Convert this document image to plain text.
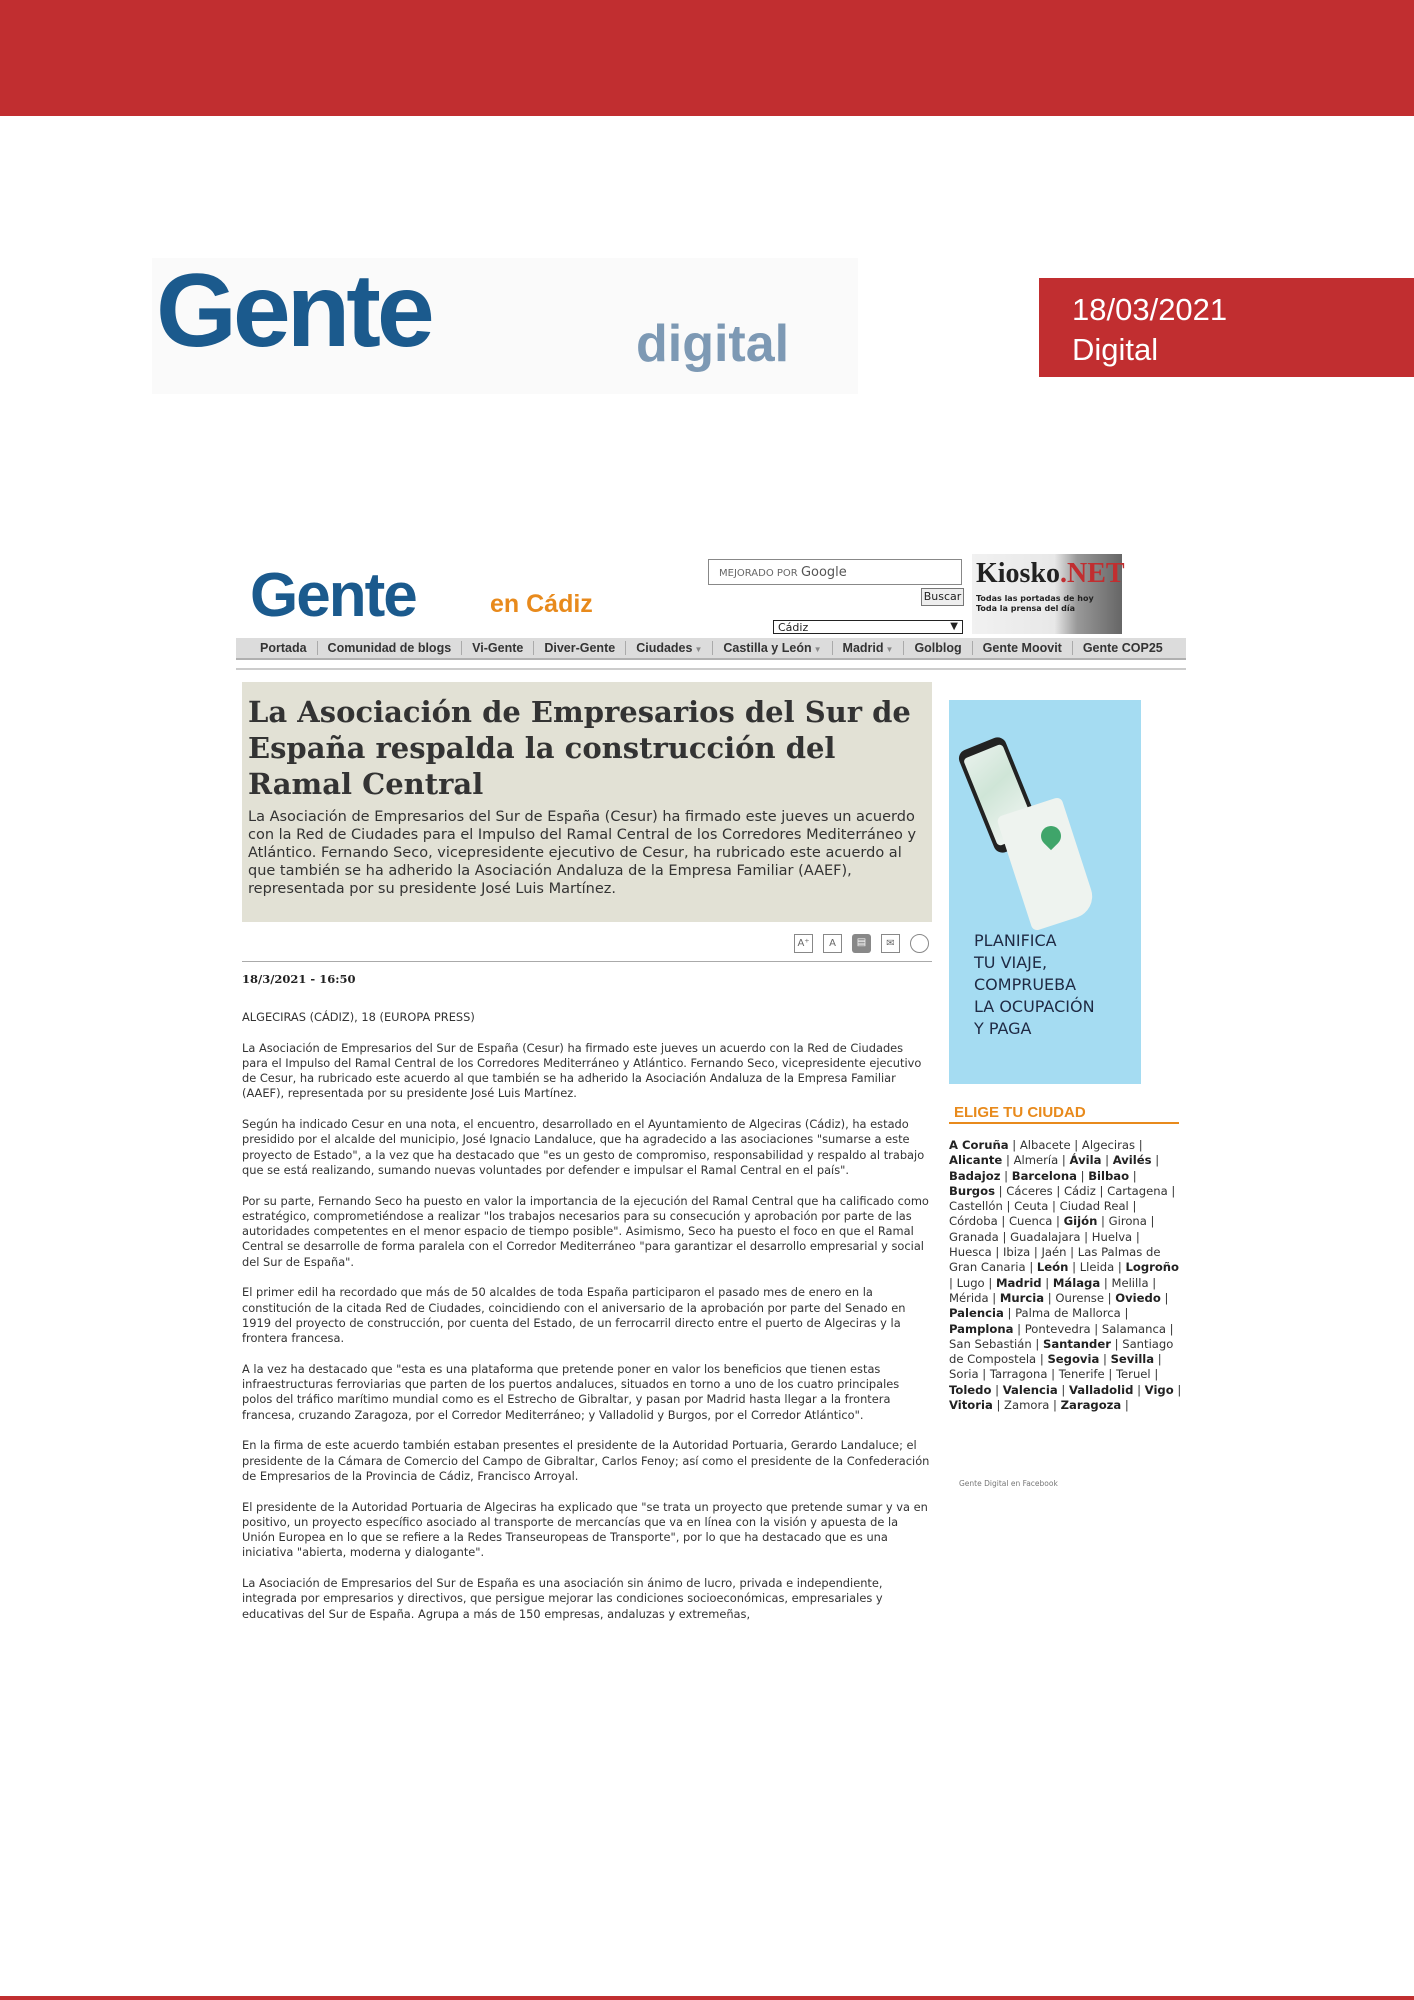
Gente	digital
18/03/2021
Digital
Gente	en Cádiz
MEJORADO POR Google
Buscar
Cádiz	▼
Kiosko.NET
Todas las portadas de hoy
Toda la prensa del día
Portada	Comunidad de blogs	Vi-Gente	Diver-Gente	Ciudades ▼	Castilla y León ▼	Madrid ▼	Golblog	Gente Moovit	Gente COP25
La Asociación de Empresarios del Sur de España respalda la construcción del Ramal Central

La Asociación de Empresarios del Sur de España (Cesur) ha firmado este jueves un acuerdo con la Red de Ciudades para el Impulso del Ramal Central de los Corredores Mediterráneo y Atlántico. Fernando Seco, vicepresidente ejecutivo de Cesur, ha rubricado este acuerdo al que también se ha adherido la Asociación Andaluza de la Empresa Familiar (AAEF), representada por su presidente José Luis Martínez.

A⁺	A	▤	✉
18/3/2021 - 16:50

ALGECIRAS (CÁDIZ), 18 (EUROPA PRESS)

La Asociación de Empresarios del Sur de España (Cesur) ha firmado este jueves un acuerdo con la Red de Ciudades para el Impulso del Ramal Central de los Corredores Mediterráneo y Atlántico. Fernando Seco, vicepresidente ejecutivo de Cesur, ha rubricado este acuerdo al que también se ha adherido la Asociación Andaluza de la Empresa Familiar (AAEF), representada por su presidente José Luis Martínez.

Según ha indicado Cesur en una nota, el encuentro, desarrollado en el Ayuntamiento de Algeciras (Cádiz), ha estado presidido por el alcalde del municipio, José Ignacio Landaluce, que ha agradecido a las asociaciones "sumarse a este proyecto de Estado", a la vez que ha destacado que "es un gesto de compromiso, responsabilidad y respaldo al trabajo que se está realizando, sumando nuevas voluntades por defender e impulsar el Ramal Central en el país".

Por su parte, Fernando Seco ha puesto en valor la importancia de la ejecución del Ramal Central que ha calificado como estratégico, comprometiéndose a realizar "los trabajos necesarios para su consecución y aprobación por parte de las autoridades competentes en el menor espacio de tiempo posible". Asimismo, Seco ha puesto el foco en que el Ramal Central se desarrolle de forma paralela con el Corredor Mediterráneo "para garantizar el desarrollo empresarial y social del Sur de España".

El primer edil ha recordado que más de 50 alcaldes de toda España participaron el pasado mes de enero en la constitución de la citada Red de Ciudades, coincidiendo con el aniversario de la aprobación por parte del Senado en 1919 del proyecto de construcción, por cuenta del Estado, de un ferrocarril directo entre el puerto de Algeciras y la frontera francesa.

A la vez ha destacado que "esta es una plataforma que pretende poner en valor los beneficios que tienen estas infraestructuras ferroviarias que parten de los puertos andaluces, situados en torno a uno de los cuatro principales polos del tráfico marítimo mundial como es el Estrecho de Gibraltar, y pasan por Madrid hasta llegar a la frontera francesa, cruzando Zaragoza, por el Corredor Mediterráneo; y Valladolid y Burgos, por el Corredor Atlántico".

En la firma de este acuerdo también estaban presentes el presidente de la Autoridad Portuaria, Gerardo Landaluce; el presidente de la Cámara de Comercio del Campo de Gibraltar, Carlos Fenoy; así como el presidente de la Confederación de Empresarios de la Provincia de Cádiz, Francisco Arroyal.

El presidente de la Autoridad Portuaria de Algeciras ha explicado que "se trata un proyecto que pretende sumar y va en positivo, un proyecto específico asociado al transporte de mercancías que va en línea con la visión y apuesta de la Unión Europea en lo que se refiere a la Redes Transeuropeas de Transporte", por lo que ha destacado que es una iniciativa "abierta, moderna y dialogante".

La Asociación de Empresarios del Sur de España es una asociación sin ánimo de lucro, privada e independiente, integrada por empresarios y directivos, que persigue mejorar las condiciones socioeconómicas, empresariales y educativas del Sur de España. Agrupa a más de 150 empresas, andaluzas y extremeñas,

PLANIFICA
TU VIAJE,
COMPRUEBA
LA OCUPACIÓN
Y PAGA
ELIGE TU CIUDAD
A Coruña | Albacete | Algeciras | Alicante | Almería | Ávila | Avilés | Badajoz | Barcelona | Bilbao | Burgos | Cáceres | Cádiz | Cartagena | Castellón | Ceuta | Ciudad Real | Córdoba | Cuenca | Gijón | Girona | Granada | Guadalajara | Huelva | Huesca | Ibiza | Jaén | Las Palmas de Gran Canaria | León | Lleida | Logroño | Lugo | Madrid | Málaga | Melilla | Mérida | Murcia | Ourense | Oviedo | Palencia | Palma de Mallorca | Pamplona | Pontevedra | Salamanca | San Sebastián | Santander | Santiago de Compostela | Segovia | Sevilla | Soria | Tarragona | Tenerife | Teruel | Toledo | Valencia | Valladolid | Vigo | Vitoria | Zamora | Zaragoza |
Gente Digital en Facebook
